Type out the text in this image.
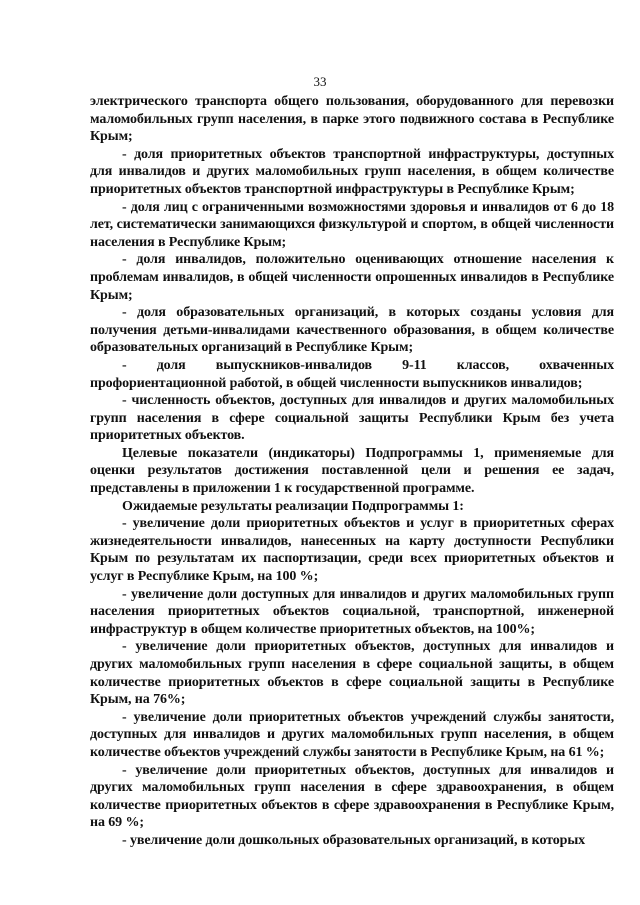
33

электрического транспорта общего пользования, оборудованного для перевозки маломобильных групп населения, в парке этого подвижного состава в Республике Крым;

- доля приоритетных объектов транспортной инфраструктуры, доступных для инвалидов и других маломобильных групп населения, в общем количестве приоритетных объектов транспортной инфраструктуры в Республике Крым;

- доля лиц с ограниченными возможностями здоровья и инвалидов от 6 до 18 лет, систематически занимающихся физкультурой и спортом, в общей численности населения в Республике Крым;

- доля инвалидов, положительно оценивающих отношение населения к проблемам инвалидов, в общей численности опрошенных инвалидов в Республике Крым;

- доля образовательных организаций, в которых созданы условия для получения детьми-инвалидами качественного образования, в общем количестве образовательных организаций в Республике Крым;

- доля выпускников-инвалидов 9-11 классов, охваченных профориентационной работой, в общей численности выпускников инвалидов;

- численность объектов, доступных для инвалидов и других маломобильных групп населения в сфере социальной защиты Республики Крым без учета приоритетных объектов.

Целевые показатели (индикаторы) Подпрограммы 1, применяемые для оценки результатов достижения поставленной цели и решения ее задач, представлены в приложении 1 к государственной программе.

Ожидаемые результаты реализации Подпрограммы 1:

- увеличение доли приоритетных объектов и услуг в приоритетных сферах жизнедеятельности инвалидов, нанесенных на карту доступности Республики Крым по результатам их паспортизации, среди всех приоритетных объектов и услуг в Республике Крым, на 100 %;

- увеличение доли доступных для инвалидов и других маломобильных групп населения приоритетных объектов социальной, транспортной, инженерной инфраструктур в общем количестве приоритетных объектов, на 100%;

- увеличение доли приоритетных объектов, доступных для инвалидов и других маломобильных групп населения в сфере социальной защиты, в общем количестве приоритетных объектов в сфере социальной защиты в Республике Крым, на 76%;

- увеличение доли приоритетных объектов учреждений службы занятости, доступных для инвалидов и других маломобильных групп населения, в общем количестве объектов учреждений службы занятости в Республике Крым, на 61 %;

- увеличение доли приоритетных объектов, доступных для инвалидов и других маломобильных групп населения в сфере здравоохранения, в общем количестве приоритетных объектов в сфере здравоохранения в Республике Крым, на 69 %;

- увеличение доли дошкольных образовательных организаций, в которых
